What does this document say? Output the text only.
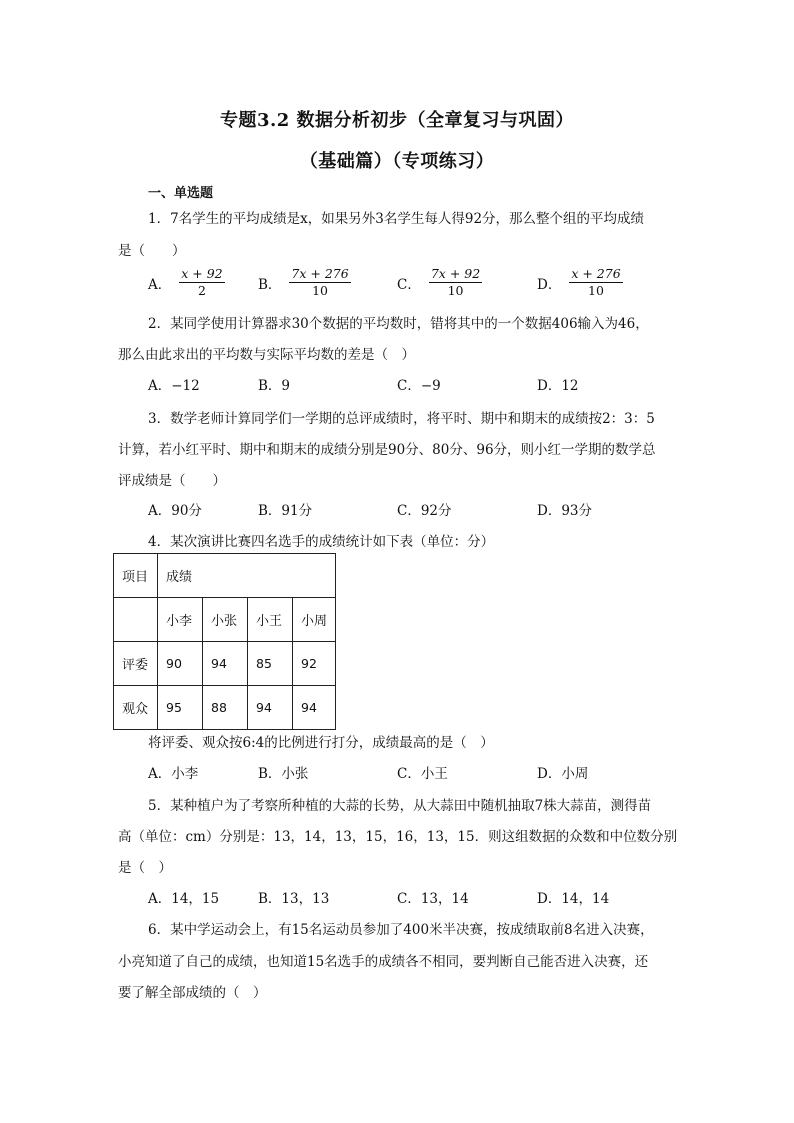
专题3.2 数据分析初步（全章复习与巩固）
（基础篇）（专项练习）
一、单选题
1．7名学生的平均成绩是x，如果另外3名学生每人得92分，那么整个组的平均成绩
是（　　）
A． $\frac{x + 92}{2}$ B． $\frac{7x + 276}{10}$	C． $\frac{7x + 92}{10}$	D． $\frac{x + 276}{10}$
2．某同学使用计算器求30个数据的平均数时，错将其中的一个数据406输入为46，
那么由此求出的平均数与实际平均数的差是（　）
A．−12	B．9	C．−9	D．12
3．数学老师计算同学们一学期的总评成绩时，将平时、期中和期末的成绩按2：3：5
计算，若小红平时、期中和期末的成绩分别是90分、80分、96分，则小红一学期的数学总
评成绩是（　　）
A．90分	B．91分	C．92分	D．93分
4．某次演讲比赛四名选手的成绩统计如下表（单位：分）
项目	成绩			
	小李	小张	小王	小周
评委	90	94	85	92
观众	95	88	94	94
将评委、观众按6:4的比例进行打分，成绩最高的是（　）
A．小李	B．小张	C．小王	D．小周
5．某种植户为了考察所种植的大蒜的长势，从大蒜田中随机抽取7株大蒜苗，测得苗
高（单位：cm）分别是：13，14，13，15，16，13，15．则这组数据的众数和中位数分别
是（　）
A．14，15	B．13，13	C．13，14	D．14，14
6．某中学运动会上，有15名运动员参加了400米半决赛，按成绩取前8名进入决赛，
小亮知道了自己的成绩，也知道15名选手的成绩各不相同，要判断自己能否进入决赛，还
要了解全部成绩的（　）
